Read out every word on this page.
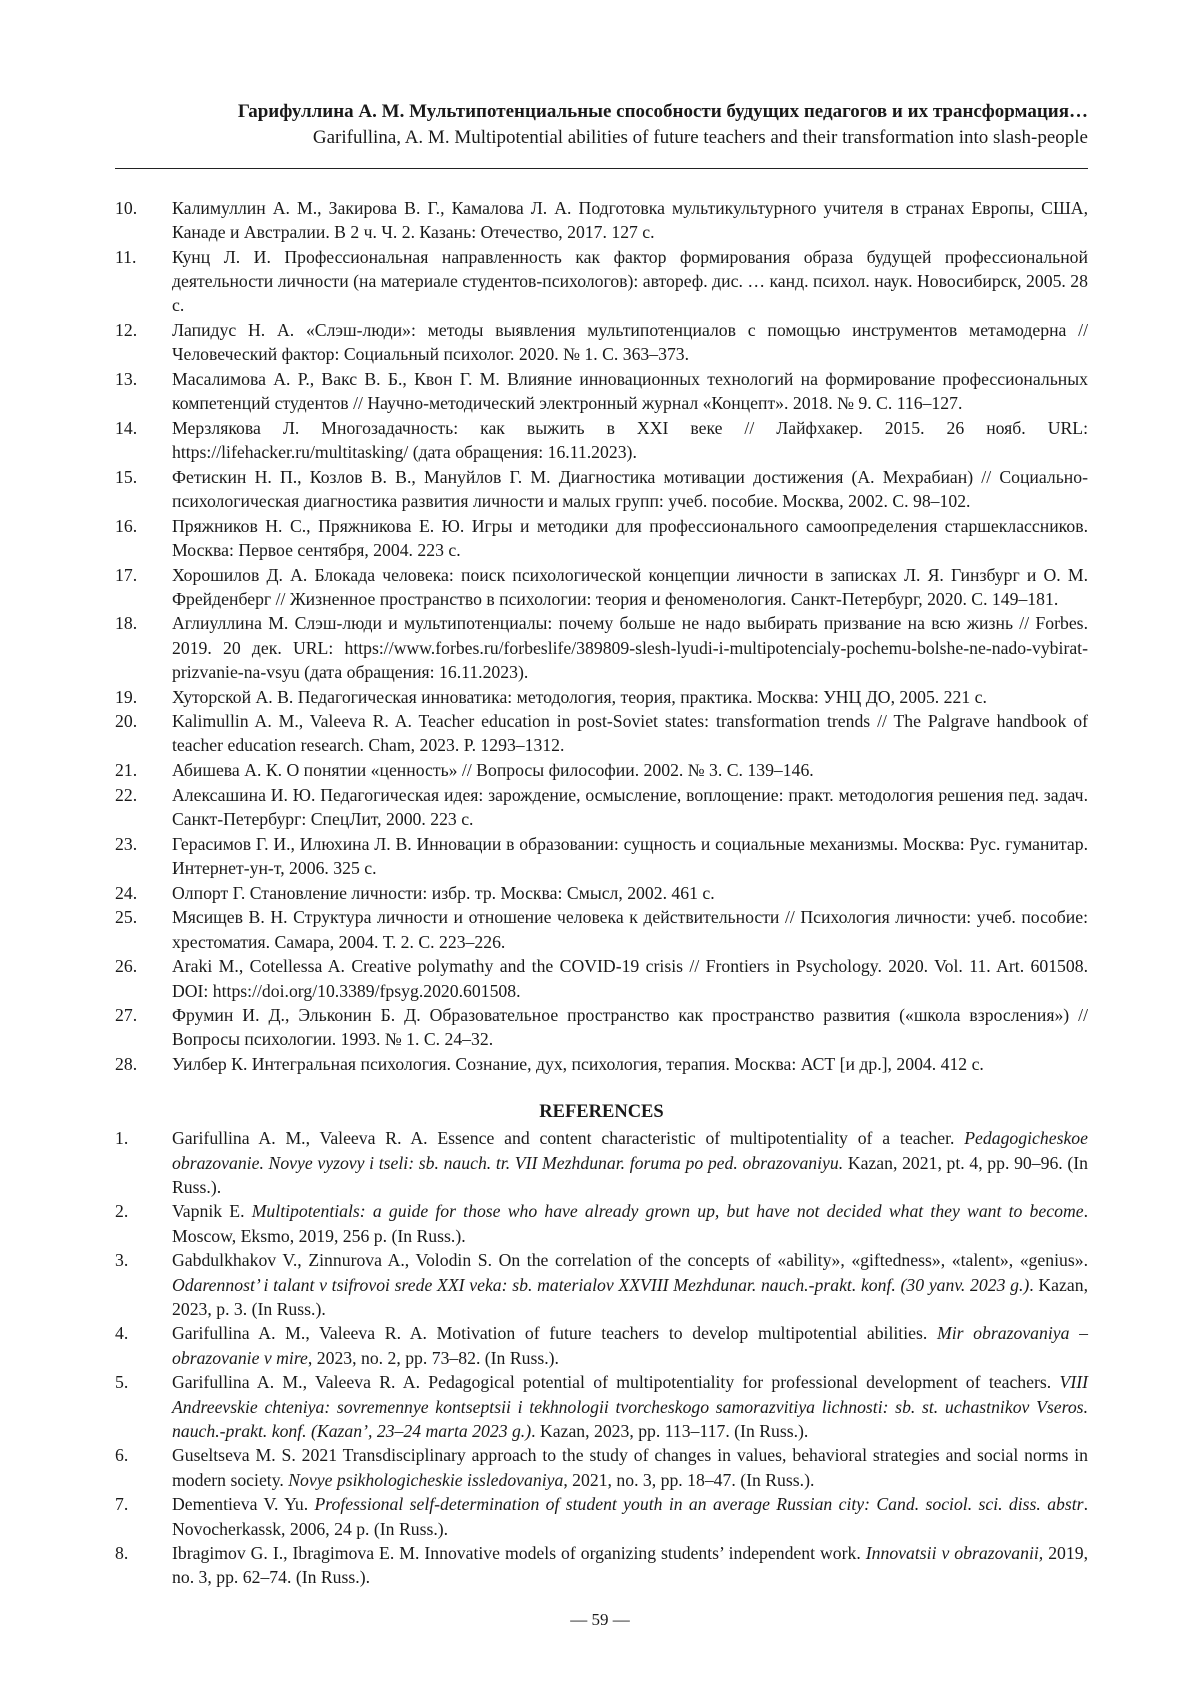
Гарифуллина А. М. Мультипотенциальные способности будущих педагогов и их трансформация…
Garifullina, A. M. Multipotential abilities of future teachers and their transformation into slash-people
10.	Калимуллин А. М., Закирова В. Г., Камалова Л. А. Подготовка мультикультурного учителя в странах Европы, США, Канаде и Австралии. В 2 ч. Ч. 2. Казань: Отечество, 2017. 127 с.
11.	Кунц Л. И. Профессиональная направленность как фактор формирования образа будущей профессиональной деятельности личности (на материале студентов-психологов): автореф. дис. … канд. психол. наук. Новосибирск, 2005. 28 с.
12.	Лапидус Н. А. «Слэш-люди»: методы выявления мультипотенциалов с помощью инструментов метамодерна // Человеческий фактор: Социальный психолог. 2020. № 1. С. 363–373.
13.	Масалимова А. Р., Вакс В. Б., Квон Г. М. Влияние инновационных технологий на формирование профессиональных компетенций студентов // Научно-методический электронный журнал «Концепт». 2018. № 9. С. 116–127.
14.	Мерзлякова Л. Многозадачность: как выжить в XXI веке // Лайфхакер. 2015. 26 нояб. URL: https://lifehacker.ru/multitasking/ (дата обращения: 16.11.2023).
15.	Фетискин Н. П., Козлов В. В., Мануйлов Г. М. Диагностика мотивации достижения (А. Мехрабиан) // Социально-психологическая диагностика развития личности и малых групп: учеб. пособие. Москва, 2002. С. 98–102.
16.	Пряжников Н. С., Пряжникова Е. Ю. Игры и методики для профессионального самоопределения старшеклассников. Москва: Первое сентября, 2004. 223 с.
17.	Хорошилов Д. А. Блокада человека: поиск психологической концепции личности в записках Л. Я. Гинзбург и О. М. Фрейденберг // Жизненное пространство в психологии: теория и феноменология. Санкт-Петербург, 2020. С. 149–181.
18.	Аглиуллина М. Слэш-люди и мультипотенциалы: почему больше не надо выбирать призвание на всю жизнь // Forbes. 2019. 20 дек. URL: https://www.forbes.ru/forbeslife/389809-slesh-lyudi-i-multipotencialy-pochemu-bolshe-ne-nado-vybirat-prizvanie-na-vsyu (дата обращения: 16.11.2023).
19.	Хуторской А. В. Педагогическая инноватика: методология, теория, практика. Москва: УНЦ ДО, 2005. 221 с.
20.	Kalimullin A. M., Valeeva R. A. Teacher education in post-Soviet states: transformation trends // The Palgrave handbook of teacher education research. Cham, 2023. P. 1293–1312.
21.	Абишева А. К. О понятии «ценность» // Вопросы философии. 2002. № 3. С. 139–146.
22.	Алексашина И. Ю. Педагогическая идея: зарождение, осмысление, воплощение: практ. методология решения пед. задач. Санкт-Петербург: СпецЛит, 2000. 223 с.
23.	Герасимов Г. И., Илюхина Л. В. Инновации в образовании: сущность и социальные механизмы. Москва: Рус. гуманитар. Интернет-ун-т, 2006. 325 с.
24.	Олпорт Г. Становление личности: избр. тр. Москва: Смысл, 2002. 461 с.
25.	Мясищев В. Н. Структура личности и отношение человека к действительности // Психология личности: учеб. пособие: хрестоматия. Самара, 2004. Т. 2. С. 223–226.
26.	Araki M., Cotellessa A. Creative polymathy and the COVID-19 crisis // Frontiers in Psychology. 2020. Vol. 11. Art. 601508. DOI: https://doi.org/10.3389/fpsyg.2020.601508.
27.	Фрумин И. Д., Эльконин Б. Д. Образовательное пространство как пространство развития («школа взросления») // Вопросы психологии. 1993. № 1. С. 24–32.
28.	Уилбер К. Интегральная психология. Сознание, дух, психология, терапия. Москва: АСТ [и др.], 2004. 412 с.
REFERENCES
1.	Garifullina A. M., Valeeva R. A. Essence and content characteristic of multipotentiality of a teacher. Pedagogicheskoe obrazovanie. Novye vyzovy i tseli: sb. nauch. tr. VII Mezhdunar. foruma po ped. obrazovaniyu. Kazan, 2021, pt. 4, pp. 90–96. (In Russ.).
2.	Vapnik E. Multipotentials: a guide for those who have already grown up, but have not decided what they want to become. Moscow, Eksmo, 2019, 256 p. (In Russ.).
3.	Gabdulkhakov V., Zinnurova A., Volodin S. On the correlation of the concepts of «ability», «giftedness», «talent», «genius». Odarennost’ i talant v tsifrovoi srede XXI veka: sb. materialov XXVIII Mezhdunar. nauch.-prakt. konf. (30 yanv. 2023 g.). Kazan, 2023, p. 3. (In Russ.).
4.	Garifullina A. M., Valeeva R. A. Motivation of future teachers to develop multipotential abilities. Mir obrazovaniya – obrazovanie v mire, 2023, no. 2, pp. 73–82. (In Russ.).
5.	Garifullina A. M., Valeeva R. A. Pedagogical potential of multipotentiality for professional development of teachers. VIII Andreevskie chteniya: sovremennye kontseptsii i tekhnologii tvorcheskogo samorazvitiya lichnosti: sb. st. uchastnikov Vseros. nauch.-prakt. konf. (Kazan’, 23–24 marta 2023 g.). Kazan, 2023, pp. 113–117. (In Russ.).
6.	Guseltseva M. S. 2021 Transdisciplinary approach to the study of changes in values, behavioral strategies and social norms in modern society. Novye psikhologicheskie issledovaniya, 2021, no. 3, pp. 18–47. (In Russ.).
7.	Dementieva V. Yu. Professional self-determination of student youth in an average Russian city: Cand. sociol. sci. diss. abstr. Novocherkassk, 2006, 24 p. (In Russ.).
8.	Ibragimov G. I., Ibragimova E. M. Innovative models of organizing students’ independent work. Innovatsii v obrazovanii, 2019, no. 3, pp. 62–74. (In Russ.).
— 59 —
